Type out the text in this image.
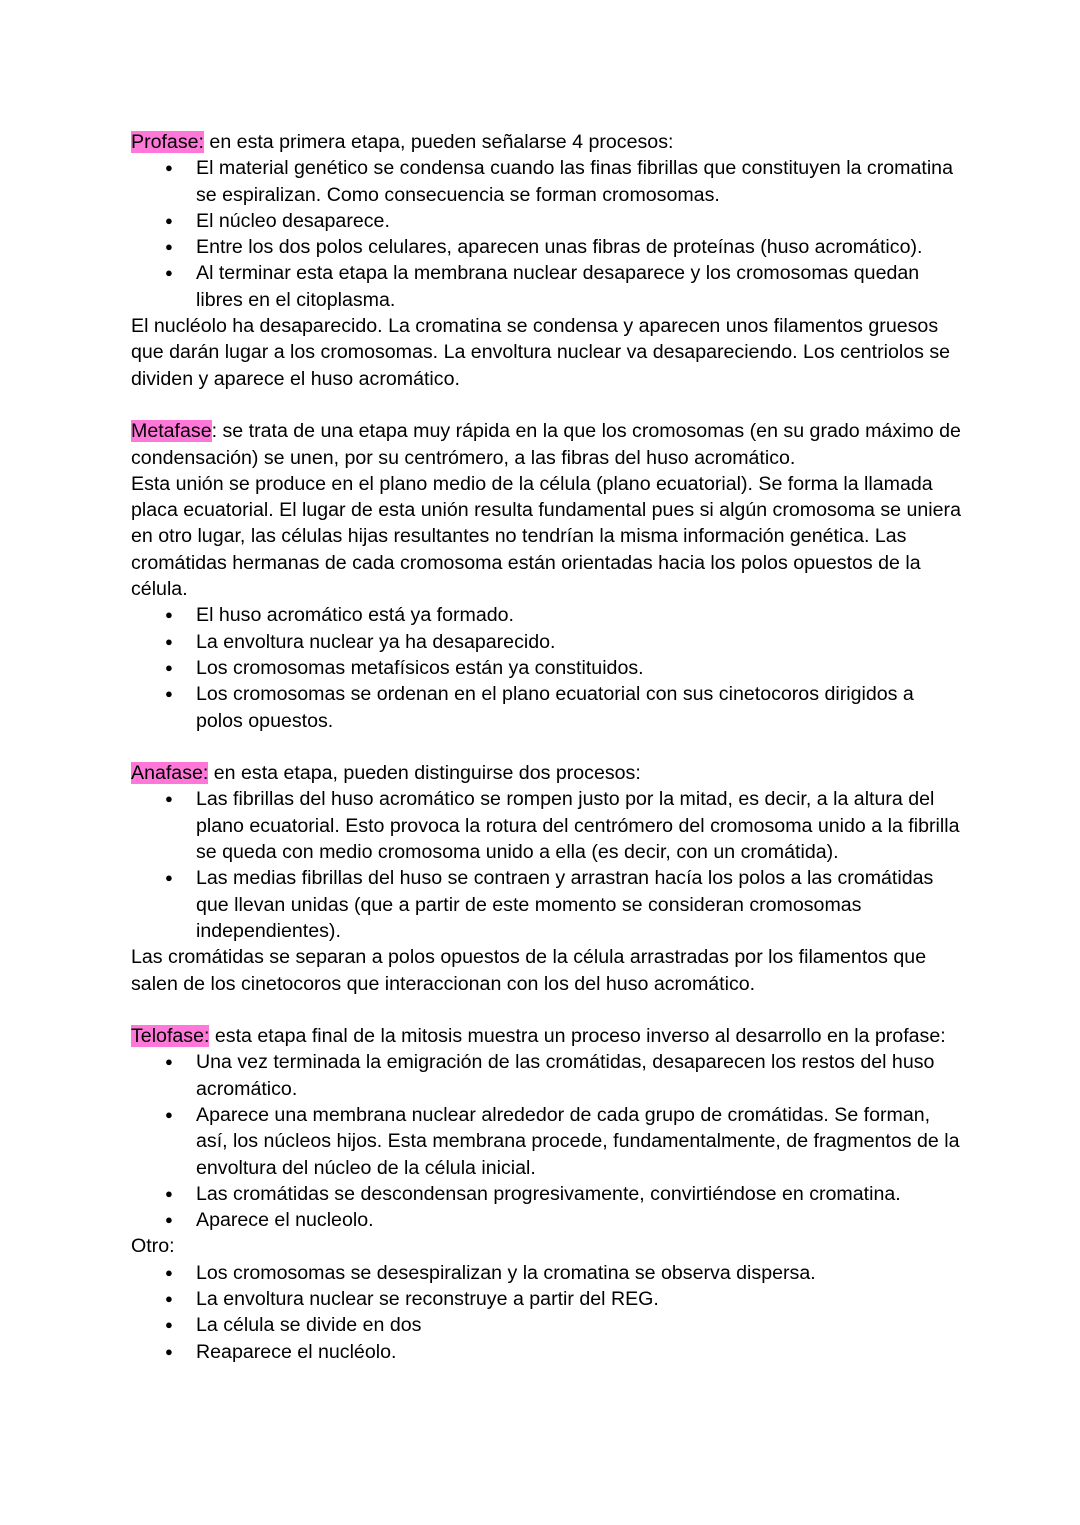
Profase: en esta primera etapa, pueden señalarse 4 procesos:

● El material genético se condensa cuando las finas fibrillas que constituyen la cromatina se espiralizan. Como consecuencia se forman cromosomas.
● El núcleo desaparece.
● Entre los dos polos celulares, aparecen unas fibras de proteínas (huso acromático).
● Al terminar esta etapa la membrana nuclear desaparece y los cromosomas quedan libres en el citoplasma.

El nucléolo ha desaparecido. La cromatina se condensa y aparecen unos filamentos gruesos que darán lugar a los cromosomas. La envoltura nuclear va desapareciendo. Los centriolos se dividen y aparece el huso acromático.

Metafase: se trata de una etapa muy rápida en la que los cromosomas (en su grado máximo de condensación) se unen, por su centrómero, a las fibras del huso acromático.

Esta unión se produce en el plano medio de la célula (plano ecuatorial). Se forma la llamada placa ecuatorial. El lugar de esta unión resulta fundamental pues si algún cromosoma se uniera en otro lugar, las células hijas resultantes no tendrían la misma información genética. Las cromátidas hermanas de cada cromosoma están orientadas hacia los polos opuestos de la célula.

● El huso acromático está ya formado.
● La envoltura nuclear ya ha desaparecido.
● Los cromosomas metafísicos están ya constituidos.
● Los cromosomas se ordenan en el plano ecuatorial con sus cinetocoros dirigidos a polos opuestos.

Anafase: en esta etapa, pueden distinguirse dos procesos:

● Las fibrillas del huso acromático se rompen justo por la mitad, es decir, a la altura del plano ecuatorial. Esto provoca la rotura del centrómero del cromosoma unido a la fibrilla se queda con medio cromosoma unido a ella (es decir, con un cromátida).
● Las medias fibrillas del huso se contraen y arrastran hacía los polos a las cromátidas que llevan unidas (que a partir de este momento se consideran cromosomas independientes).

Las cromátidas se separan a polos opuestos de la célula arrastradas por los filamentos que salen de los cinetocoros que interaccionan con los del huso acromático.

Telofase: esta etapa final de la mitosis muestra un proceso inverso al desarrollo en la profase:

● Una vez terminada la emigración de las cromátidas, desaparecen los restos del huso acromático.
● Aparece una membrana nuclear alrededor de cada grupo de cromátidas. Se forman, así, los núcleos hijos. Esta membrana procede, fundamentalmente, de fragmentos de la envoltura del núcleo de la célula inicial.
● Las cromátidas se descondensan progresivamente, convirtiéndose en cromatina.
● Aparece el nucleolo.

Otro:

● Los cromosomas se desespiralizan y la cromatina se observa dispersa.
● La envoltura nuclear se reconstruye a partir del REG.
● La célula se divide en dos
● Reaparece el nucléolo.
